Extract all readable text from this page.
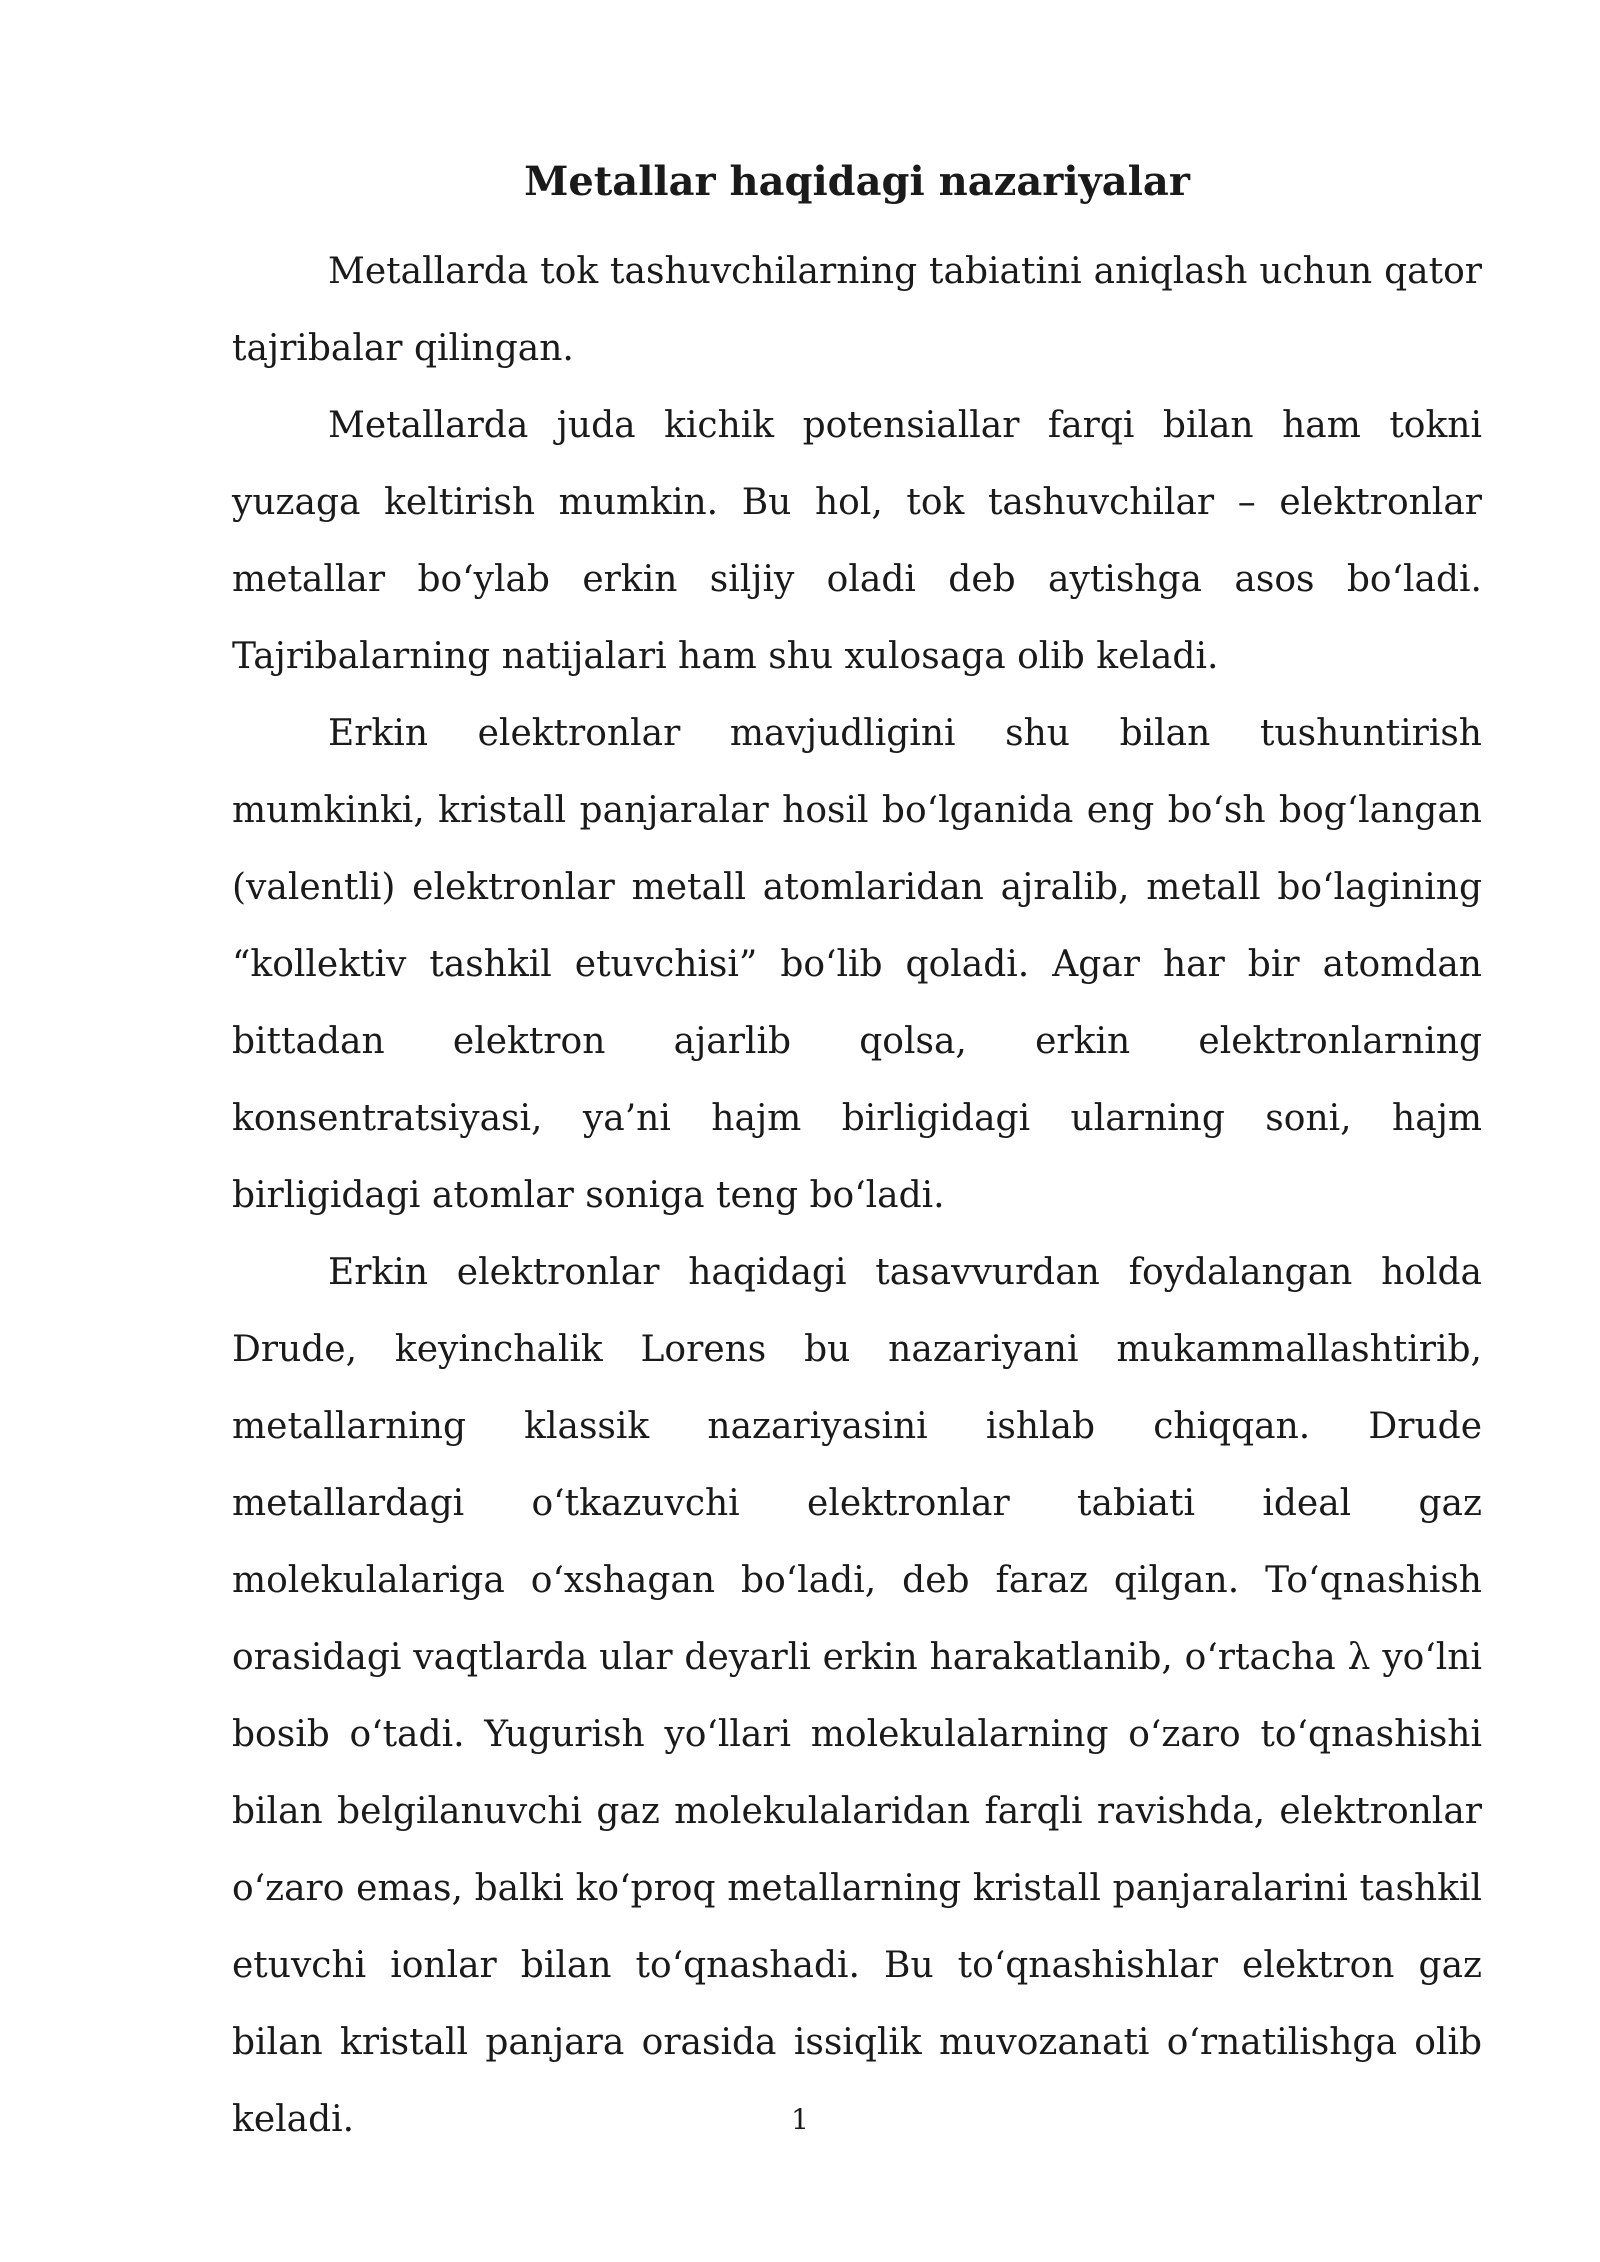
Metallar haqidagi nazariyalar

Metallarda tok tashuvchilarning tabiatini aniqlash uchun qator tajribalar qilingan.

Metallarda juda kichik potensiallar farqi bilan ham tokni yuzaga keltirish mumkin. Bu hol, tok tashuvchilar – elektronlar metallar bo‘ylab erkin siljiy oladi deb aytishga asos bo‘ladi. Tajribalarning natijalari ham shu xulosaga olib keladi.

Erkin elektronlar mavjudligini shu bilan tushuntirish mumkinki, kristall panjaralar hosil bo‘lganida eng bo‘sh bog‘langan (valentli) elektronlar metall atomlaridan ajralib, metall bo‘lagining “kollektiv tashkil etuvchisi” bo‘lib qoladi. Agar har bir atomdan bittadan elektron ajarlib qolsa, erkin elektronlarning konsentratsiyasi, ya’ni hajm birligidagi ularning soni, hajm birligidagi atomlar soniga teng bo‘ladi.

Erkin elektronlar haqidagi tasavvurdan foydalangan holda Drude, keyinchalik Lorens bu nazariyani mukammallashtirib, metallarning klassik nazariyasini ishlab chiqqan. Drude metallardagi o‘tkazuvchi elektronlar tabiati ideal gaz molekulalariga o‘xshagan bo‘ladi, deb faraz qilgan. To‘qnashish orasidagi vaqtlarda ular deyarli erkin harakatlanib, o‘rtacha λ yo‘lni bosib o‘tadi. Yugurish yo‘llari molekulalarning o‘zaro to‘qnashishi bilan belgilanuvchi gaz molekulalaridan farqli ravishda, elektronlar o‘zaro emas, balki ko‘proq metallarning kristall panjaralarini tashkil etuvchi ionlar bilan to‘qnashadi. Bu to‘qnashishlar elektron gaz bilan kristall panjara orasida issiqlik muvozanati o‘rnatilishga olib keladi.	1
